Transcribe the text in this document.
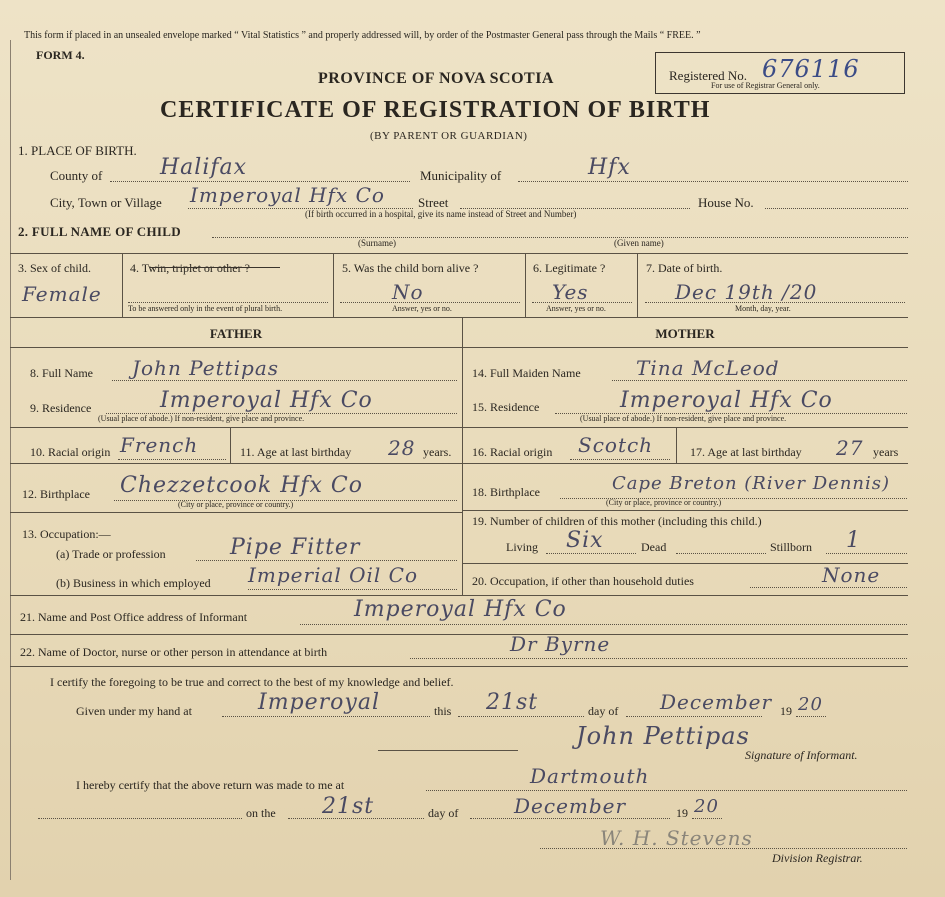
This form if placed in an unsealed envelope marked “ Vital Statistics ” and properly addressed will, by order of the Postmaster General pass through the Mails “ FREE. ”
FORM 4.
PROVINCE OF NOVA SCOTIA
CERTIFICATE OF REGISTRATION OF BIRTH
(BY PARENT OR GUARDIAN)
Registered No. 676116
For use of Registrar General only.
1. PLACE OF BIRTH.
County of	Halifax	Municipality of	Hfx
City, Town or Village Imperoyal Hfx Co	Street	House No.
(If birth occurred in a hospital, give its name instead of Street and Number)
2. FULL NAME OF CHILD
(Surname)	(Given name)
3. Sex of child.
Female
4. Twin, triplet or other ?
To be answered only in the event of plural birth.
5. Was the child born alive ?
No
Answer, yes or no.
6. Legitimate ?
Yes
Answer, yes or no.
7. Date of birth.
Dec 19th /20
Month, day, year.
FATHER	MOTHER
8. Full Name John Pettipas
9. Residence	Imperoyal Hfx Co
(Usual place of abode.) If non-resident, give place and province.
10. Racial origin French	11. Age at last birthday 28 years.
12. Birthplace Chezzetcook Hfx Co
(City or place, province or country.)
13. Occupation:—
(a) Trade or profession	Pipe Fitter
(b) Business in which employed Imperial Oil Co
14. Full Maiden Name	Tina McLeod
15. Residence	Imperoyal Hfx Co
(Usual place of abode.) If non-resident, give place and province.
16. Racial origin Scotch	17. Age at last birthday 27 years
18. Birthplace	Cape Breton (River Dennis)
(City or place, province or country.)
19. Number of children of this mother (including this child.)
Living Six	Dead	Stillborn 1
20. Occupation, if other than household duties	None
21. Name and Post Office address of Informant	Imperoyal Hfx Co
22. Name of Doctor, nurse or other person in attendance at birth	Dr Byrne
I certify the foregoing to be true and correct to the best of my knowledge and belief.
Given under my hand at	Imperoyal	this 21st	day of December 19 20
John Pettipas
Signature of Informant.
I hereby certify that the above return was made to me at	Dartmouth
on the 21st	day of	December	19 20
W. H. Stevens
Division Registrar.
